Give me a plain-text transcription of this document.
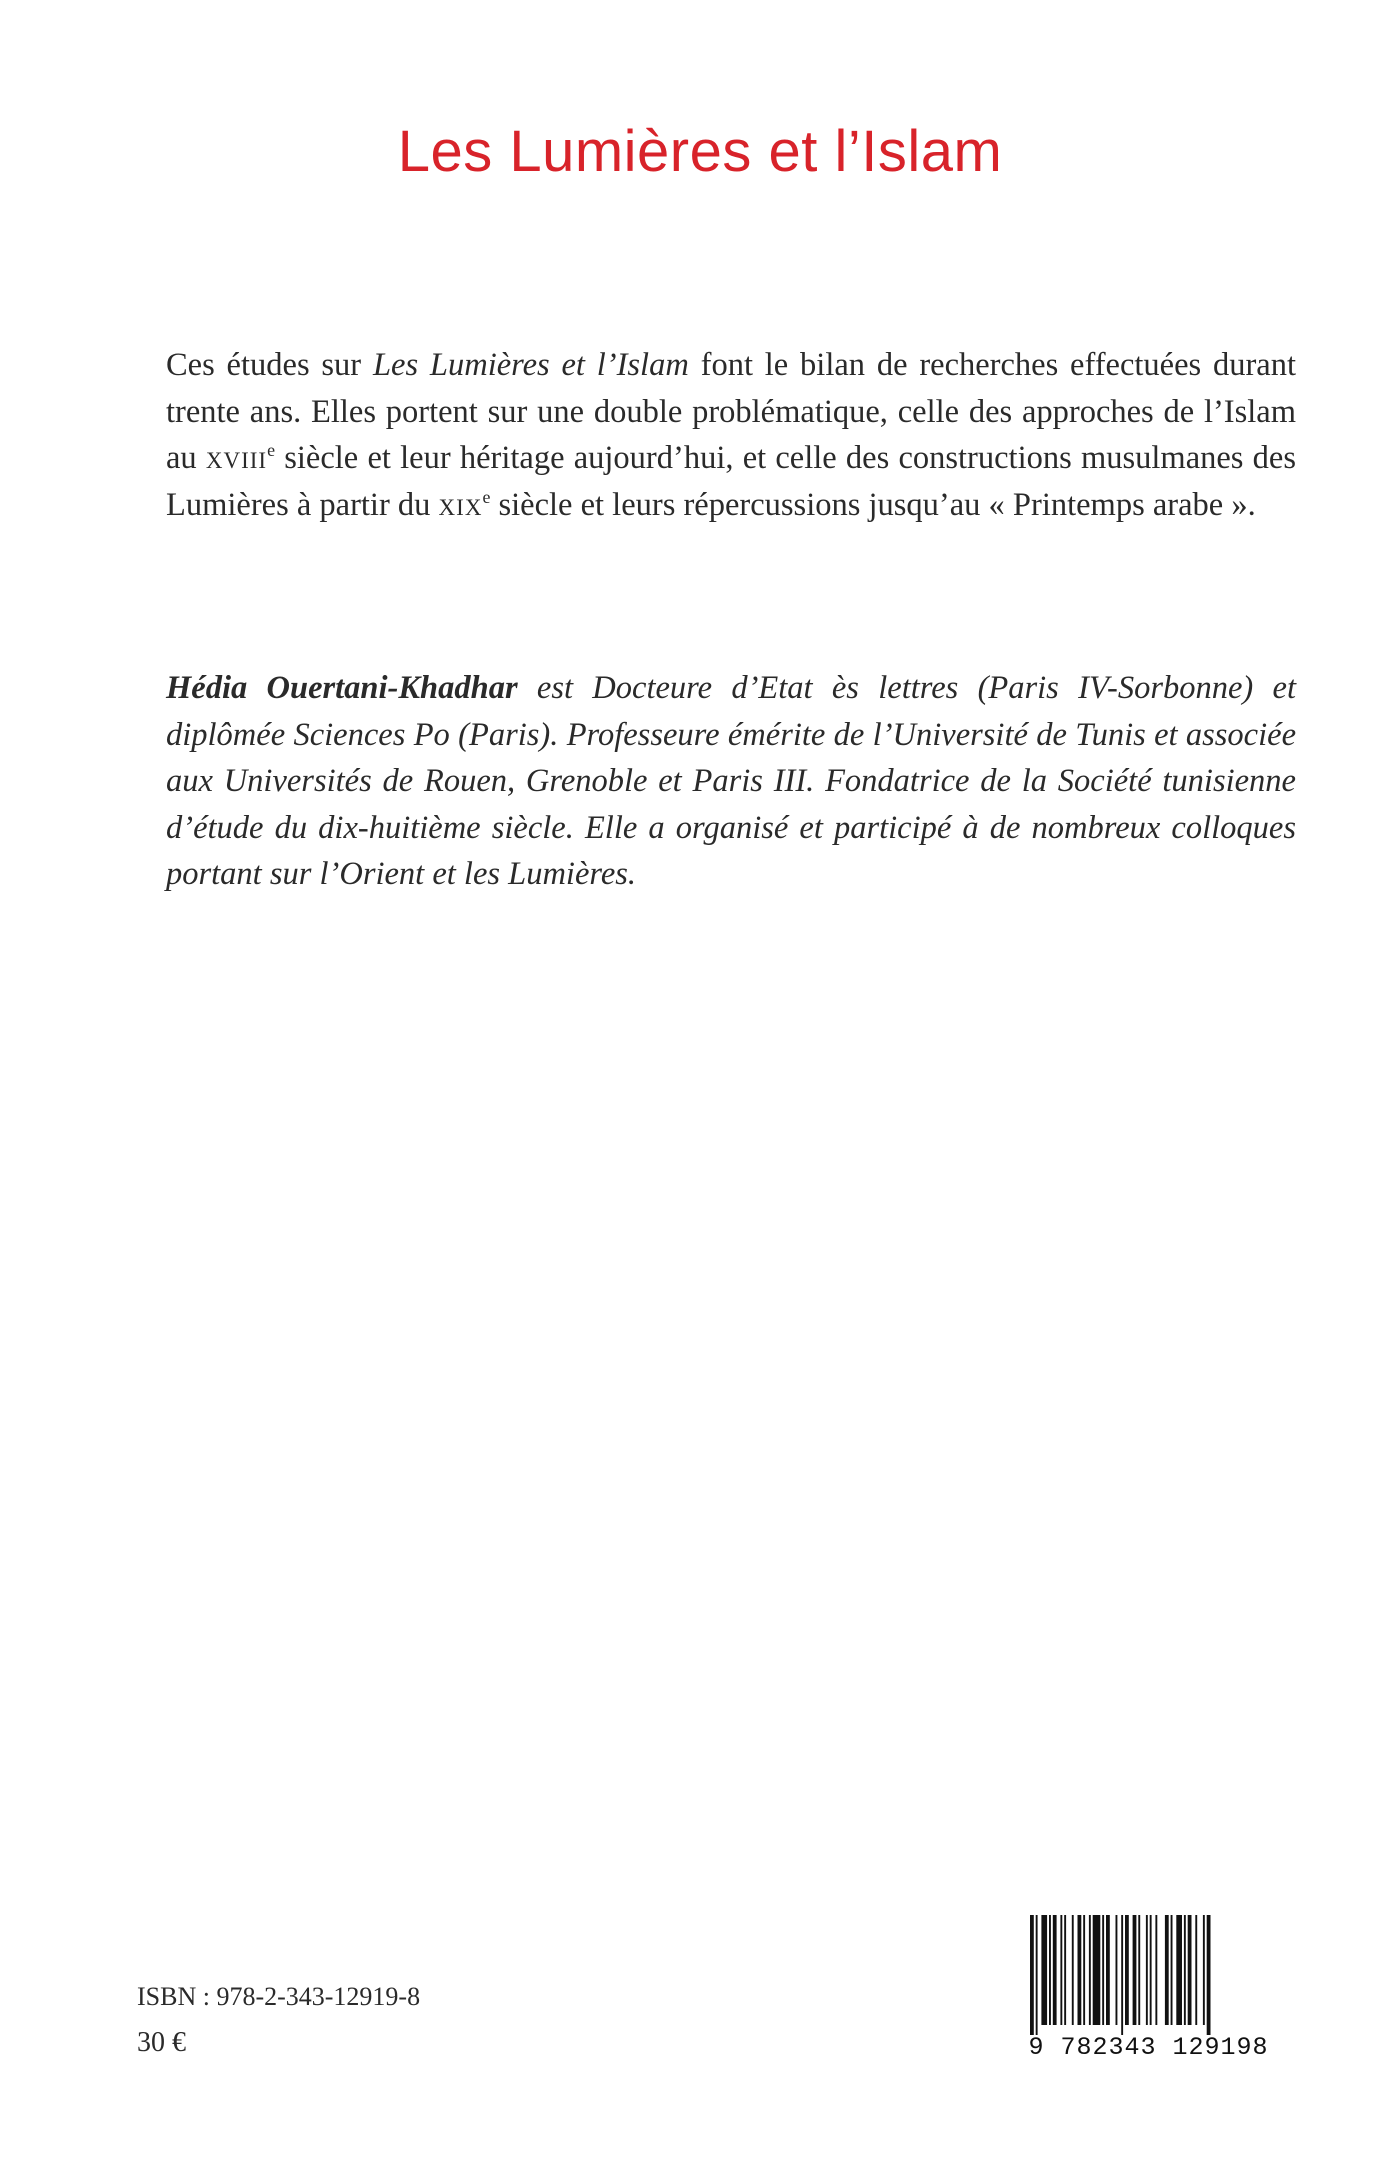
Les Lumières et l’Islam

Ces études sur Les Lumières et l’Islam font le bilan de recherches effectuées durant trente ans. Elles portent sur une double problématique, celle des approches de l’Islam au xviii$^e$ siècle et leur héritage aujourd’hui, et celle des constructions musulmanes des Lumières à partir du xix$^e$ siècle et leurs répercussions jusqu’au « Printemps arabe ».

Hédia Ouertani-Khadhar est Docteure d’Etat ès lettres (Paris IV-Sorbonne) et diplômée Sciences Po (Paris). Professeure émérite de l’Université de Tunis et associée aux Universités de Rouen, Grenoble et Paris III. Fondatrice de la Société tunisienne d’étude du dix-huitième siècle. Elle a organisé et participé à de nombreux colloques portant sur l’Orient et les Lumières.

ISBN : 978-2-343-12919-8

30 €	9 782343 129198
